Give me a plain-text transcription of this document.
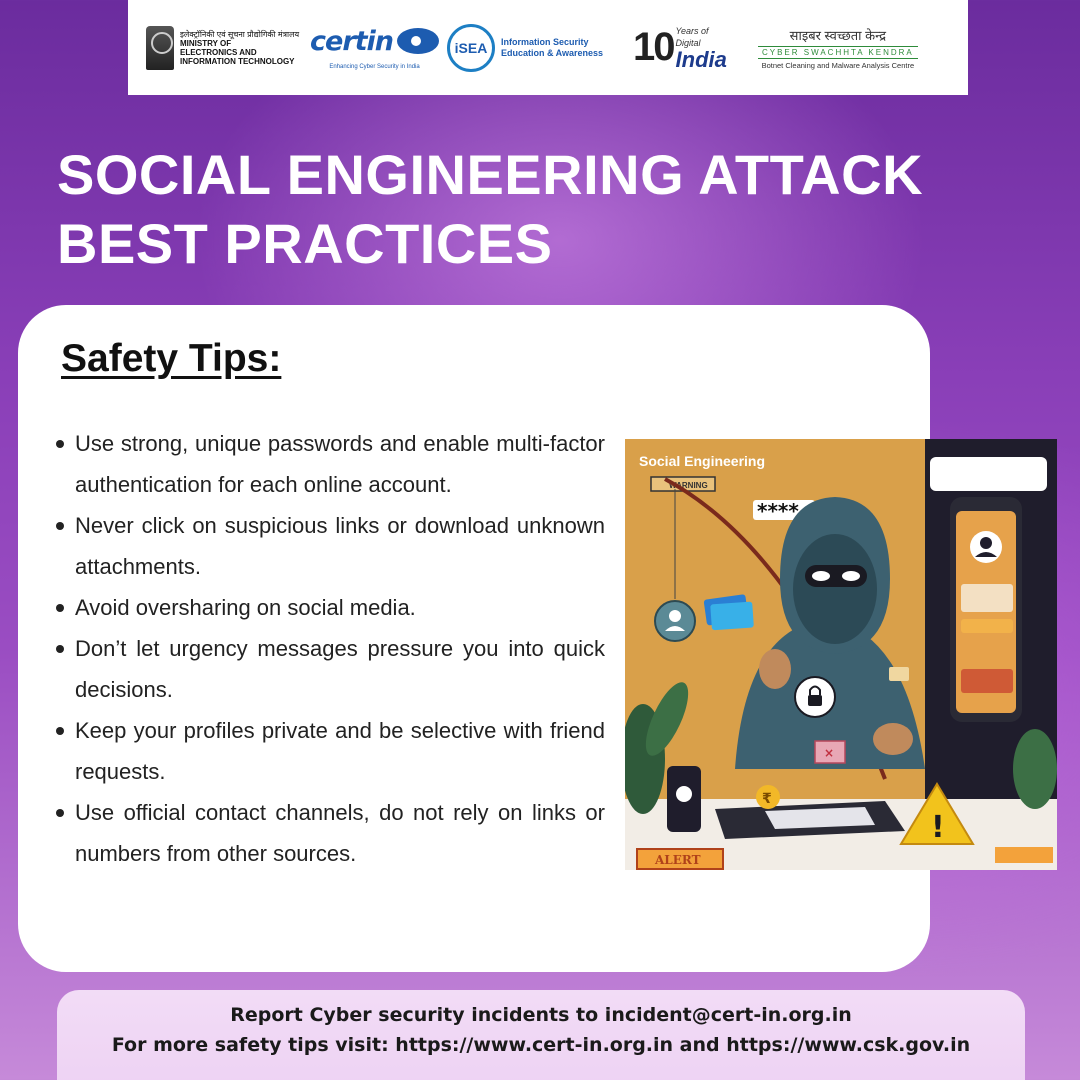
इलेक्ट्रॉनिकी एवं सूचना प्रौद्योगिकी मंत्रालय
MINISTRY OF
ELECTRONICS AND
INFORMATION TECHNOLOGY
certin
Enhancing Cyber Security in India
iSEA	Information Security Education & Awareness 10 Years of
Digital
India
साइबर स्वच्छता केन्द्र
CYBER SWACHHTA KENDRA
Botnet Cleaning and Malware Analysis Centre
SOCIAL ENGINEERING ATTACK
BEST PRACTICES
Safety Tips:
Use strong, unique passwords and enable multi-factor authentication for each online account.
Never click on suspicious links or download unknown attachments.
Avoid oversharing on social media.
Don’t let urgency messages pressure you into quick decisions.
Keep your profiles private and be selective with friend requests.
Use official contact channels, do not rely on links or numbers from other sources.
Social Engineering
WARNING
****
×
₹
!
ALERT

Report Cyber security incidents to incident@cert-in.org.in

For more safety tips visit: https://www.cert-in.org.in and https://www.csk.gov.in
